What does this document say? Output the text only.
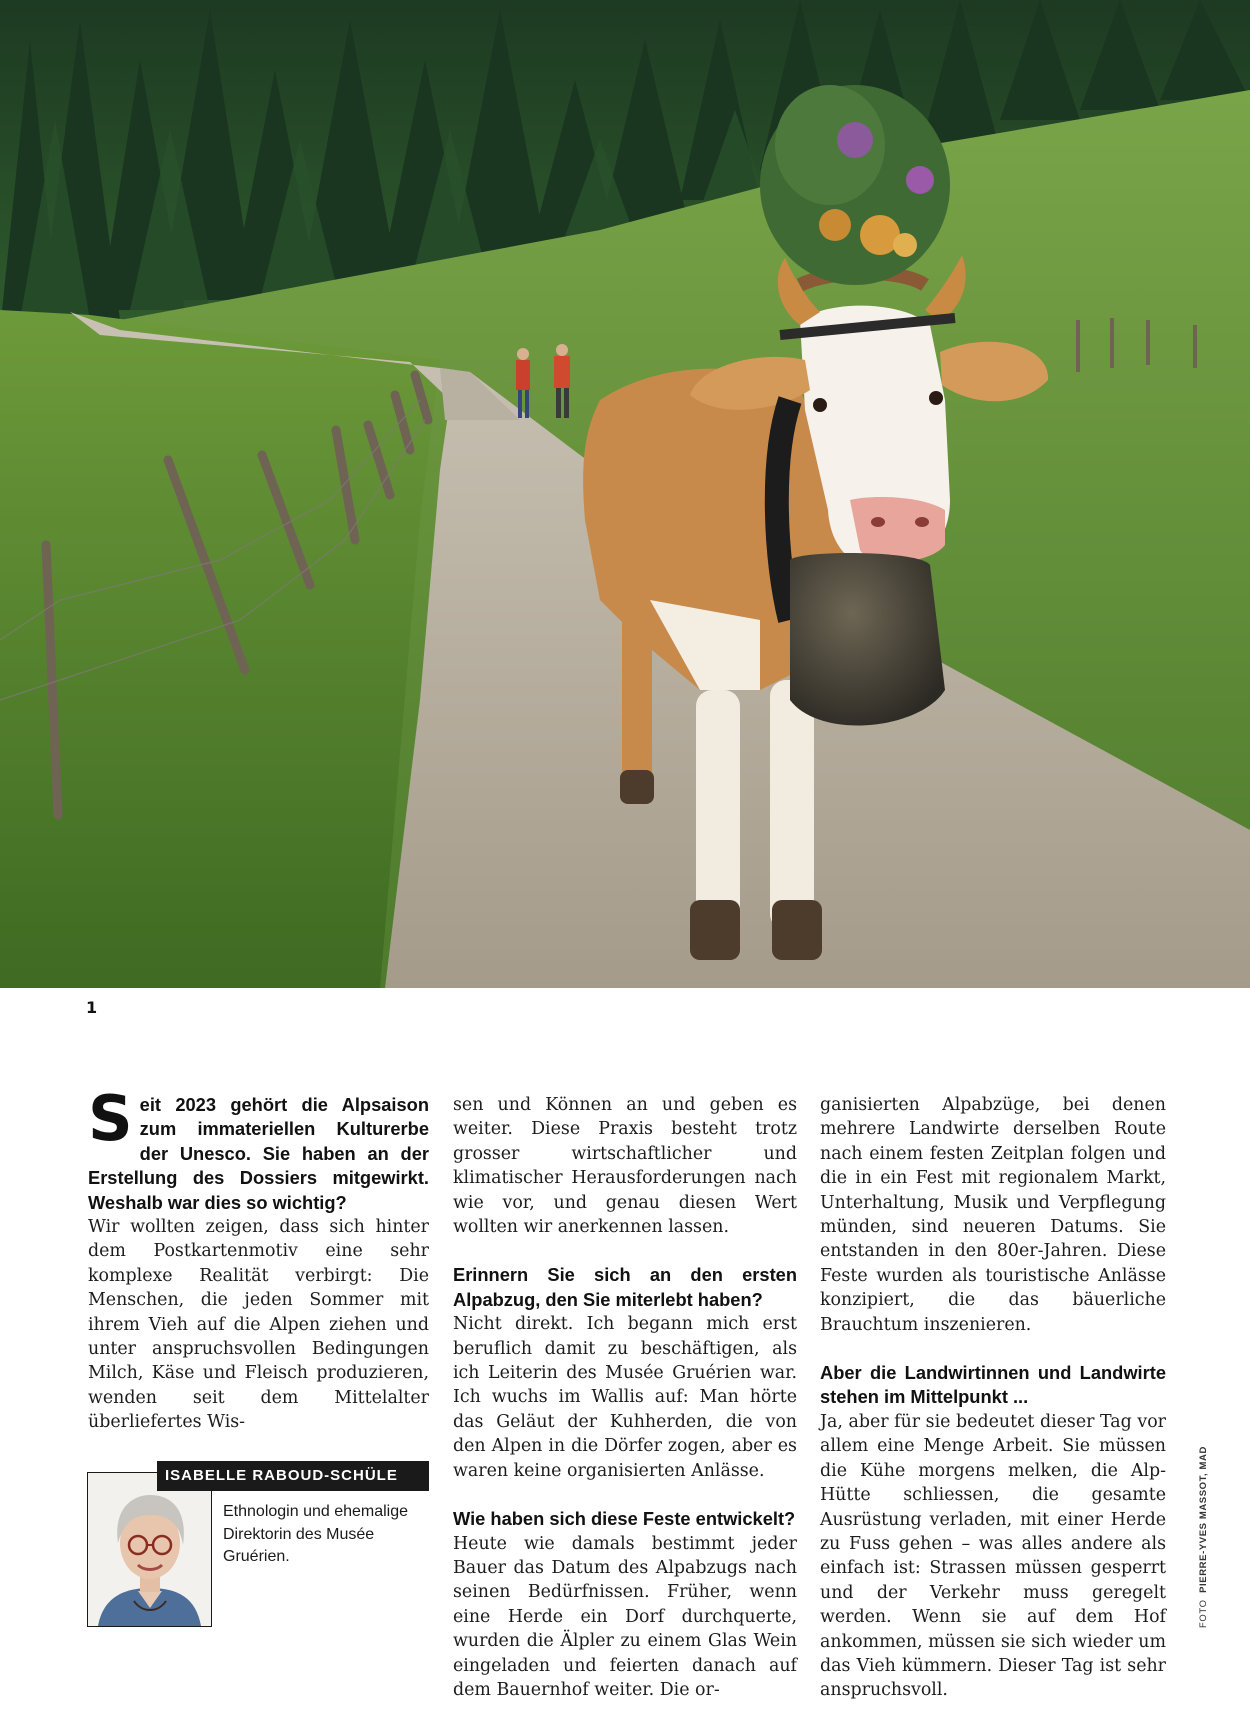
1

Seit 2023 gehört die Alpsaison zum immateriellen Kulturerbe der Unesco. Sie haben an der Erstellung des Dossiers mitgewirkt. Weshalb war dies so wichtig?

Wir wollten zeigen, dass sich hinter dem Postkartenmotiv eine sehr komplexe Realität verbirgt: Die Menschen, die jeden Sommer mit ihrem Vieh auf die Alpen ziehen und unter anspruchsvollen Bedingungen Milch, Käse und Fleisch produzieren, wenden seit dem Mittelalter überliefertes Wis-

sen und Können an und geben es weiter. Diese Praxis besteht trotz grosser wirtschaftlicher und klimatischer Herausforderungen nach wie vor, und genau diesen Wert wollten wir anerkennen lassen.

Erinnern Sie sich an den ersten Alpabzug, den Sie miterlebt haben?

Nicht direkt. Ich begann mich erst beruflich damit zu beschäftigen, als ich Leiterin des Musée Gruérien war. Ich wuchs im Wallis auf: Man hörte das Geläut der Kuhherden, die von den Alpen in die Dörfer zogen, aber es waren keine organisierten Anlässe.

Wie haben sich diese Feste entwickelt?

Heute wie damals bestimmt jeder Bauer das Datum des Alpabzugs nach seinen Bedürfnissen. Früher, wenn eine Herde ein Dorf durchquerte, wurden die Älpler zu einem Glas Wein eingeladen und feierten danach auf dem Bauernhof weiter. Die or-

ganisierten Alpabzüge, bei denen mehrere Landwirte derselben Route nach einem festen Zeitplan folgen und die in ein Fest mit regionalem Markt, Unterhaltung, Musik und Verpflegung münden, sind neueren Datums. Sie entstanden in den 80er-Jahren. Diese Feste wurden als touristische Anlässe konzipiert, die das bäuerliche Brauchtum inszenieren.

Aber die Landwirtinnen und Landwirte stehen im Mittelpunkt ...

Ja, aber für sie bedeutet dieser Tag vor allem eine Menge Arbeit. Sie müssen die Kühe morgens melken, die Alp-Hütte schliessen, die gesamte Ausrüstung verladen, mit einer Herde zu Fuss gehen – was alles andere als einfach ist: Strassen müssen gesperrt und der Verkehr muss geregelt werden. Wenn sie auf dem Hof ankommen, müssen sie sich wieder um das Vieh kümmern. Dieser Tag ist sehr anspruchsvoll.

ISABELLE RABOUD-SCHÜLE
Ethnologin und ehemalige Direktorin des Musée Gruérien.
FOTO  PIERRE-YVES MASSOT, MAD
